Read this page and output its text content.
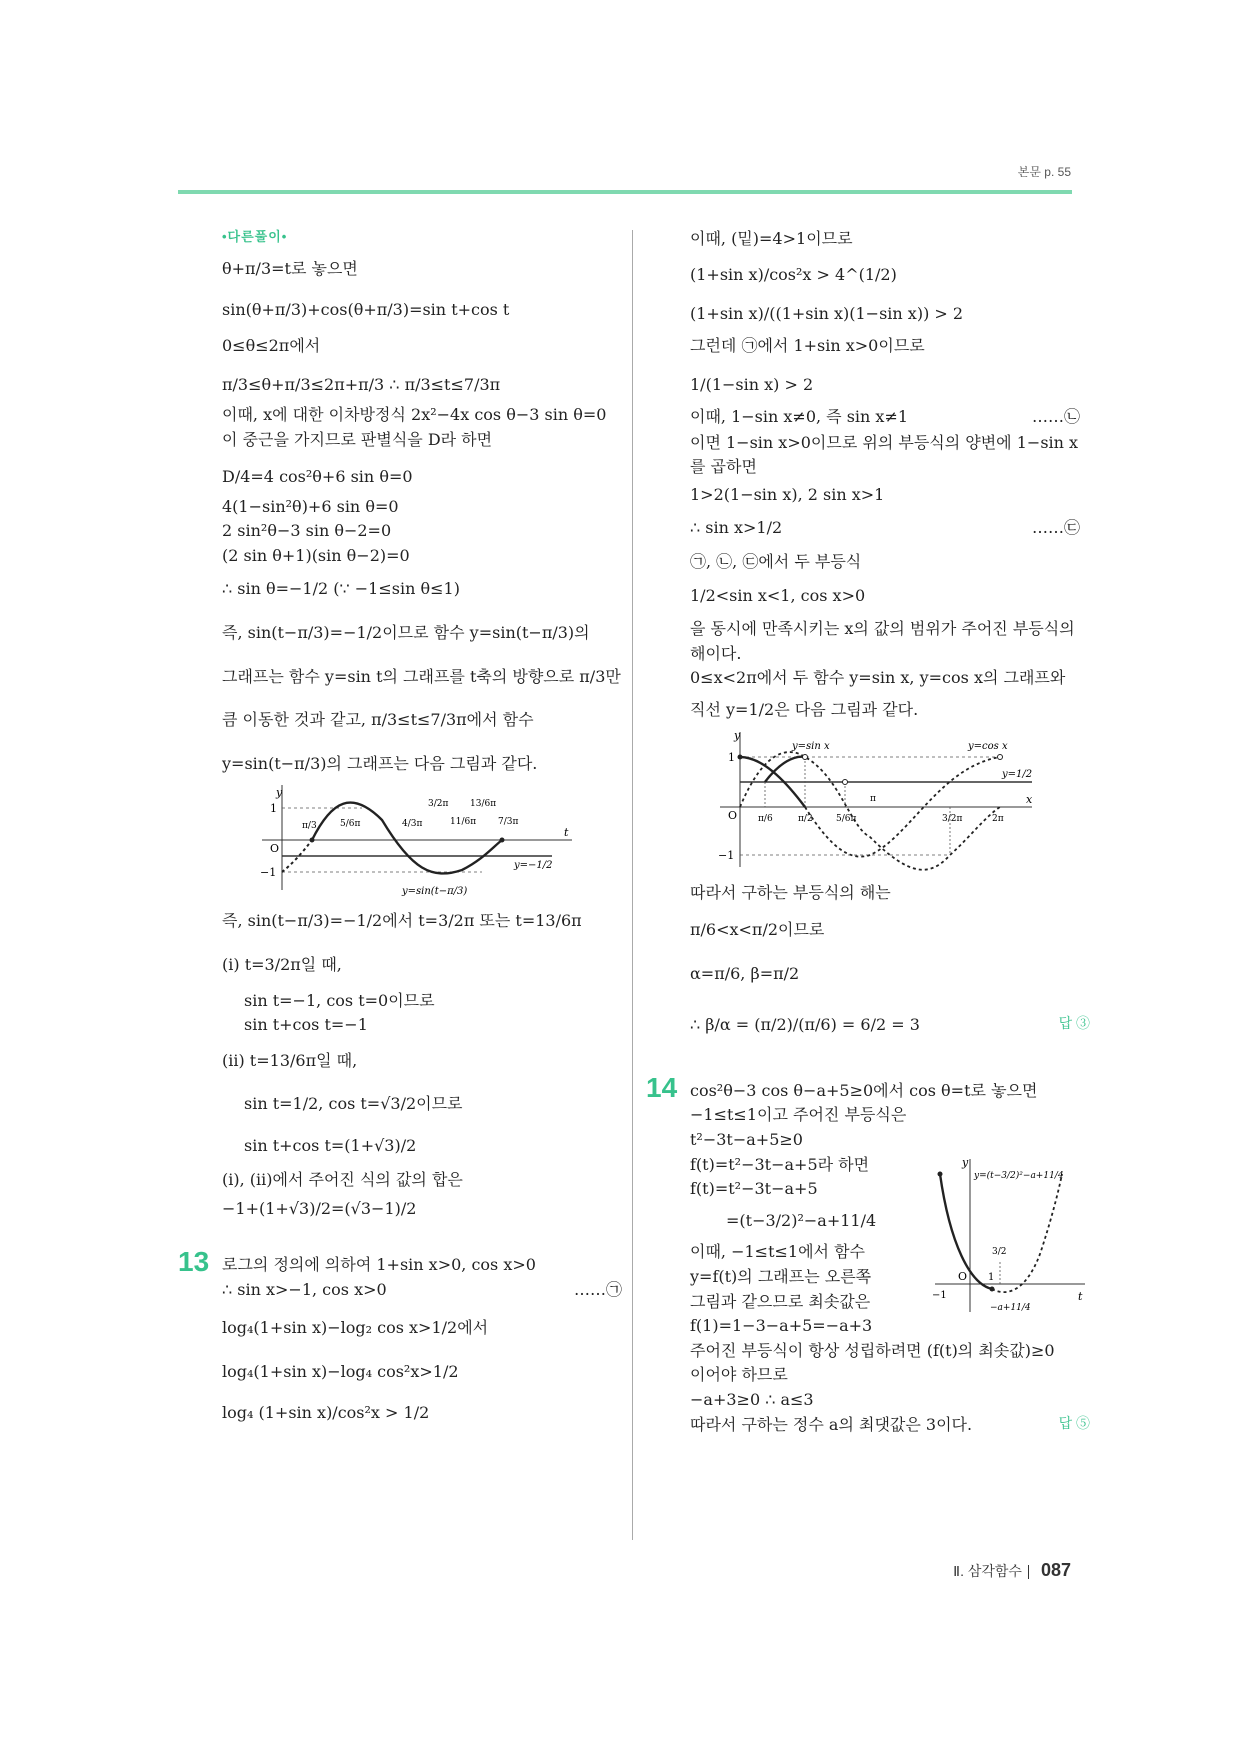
본문 p. 55
•다른풀이•
θ+π/3=t로 놓으면
sin(θ+π/3)+cos(θ+π/3)=sin t+cos t
0≤θ≤2π에서
π/3≤θ+π/3≤2π+π/3 ∴ π/3≤t≤7/3π
이때, x에 대한 이차방정식 2x²−4x cos θ−3 sin θ=0
이 중근을 가지므로 판별식을 D라 하면
D/4=4 cos²θ+6 sin θ=0
4(1−sin²θ)+6 sin θ=0
2 sin²θ−3 sin θ−2=0
(2 sin θ+1)(sin θ−2)=0
∴ sin θ=−1/2 (∵ −1≤sin θ≤1)
즉, sin(t−π/3)=−1/2이므로 함수 y=sin(t−π/3)의
그래프는 함수 y=sin t의 그래프를 t축의 방향으로 π/3만
큼 이동한 것과 같고, π/3≤t≤7/3π에서 함수
y=sin(t−π/3)의 그래프는 다음 그림과 같다.
y
t
O
1
−1
π/3	5/6π	4/3π
3/2π
11/6π
13/6π
7/3π
y=−1/2
y=sin(t−π/3)
즉, sin(t−π/3)=−1/2에서 t=3/2π 또는 t=13/6π
(i) t=3/2π일 때,
sin t=−1, cos t=0이므로
sin t+cos t=−1
(ii) t=13/6π일 때,
sin t=1/2, cos t=√3/2이므로
sin t+cos t=(1+√3)/2
(i), (ii)에서 주어진 식의 값의 합은
−1+(1+√3)/2=(√3−1)/2
13 로그의 정의에 의하여 1+sin x>0, cos x>0
∴ sin x>−1, cos x>0	……㉠
log₄(1+sin x)−log₂ cos x>1/2에서
log₄(1+sin x)−log₄ cos²x>1/2
log₄ (1+sin x)/cos²x > 1/2
이때, (밑)=4>1이므로
(1+sin x)/cos²x > 4^(1/2)
(1+sin x)/((1+sin x)(1−sin x)) > 2
그런데 ㉠에서 1+sin x>0이므로
1/(1−sin x) > 2
이때, 1−sin x≠0, 즉 sin x≠1	……㉡
이면 1−sin x>0이므로 위의 부등식의 양변에 1−sin x
를 곱하면
1>2(1−sin x), 2 sin x>1
∴ sin x>1/2	……㉢
㉠, ㉡, ㉢에서 두 부등식
1/2<sin x<1, cos x>0
을 동시에 만족시키는 x의 값의 범위가 주어진 부등식의
해이다.
0≤x<2π에서 두 함수 y=sin x, y=cos x의 그래프와
직선 y=1/2은 다음 그림과 같다.
y
x
O
1
−1
y=sin x	y=cos x
y=1/2
π/6	π/2	5/6π
π
3/2π	2π
따라서 구하는 부등식의 해는
π/6<x<π/2이므로
α=π/6, β=π/2
∴ β/α = (π/2)/(π/6) = 6/2 = 3	답 ③
14 cos²θ−3 cos θ−a+5≥0에서 cos θ=t로 놓으면
−1≤t≤1이고 주어진 부등식은
t²−3t−a+5≥0
y
t
O
−1
1
3/2
−a+11/4
y=(t−3/2)²−a+11/4
f(t)=t²−3t−a+5라 하면
f(t)=t²−3t−a+5
=(t−3/2)²−a+11/4
이때, −1≤t≤1에서 함수
y=f(t)의 그래프는 오른쪽
그림과 같으므로 최솟값은
f(1)=1−3−a+5=−a+3
주어진 부등식이 항상 성립하려면 (f(t)의 최솟값)≥0
이어야 하므로
−a+3≥0 ∴ a≤3
따라서 구하는 정수 a의 최댓값은 3이다.	답 ⑤
Ⅱ. 삼각함수 087
